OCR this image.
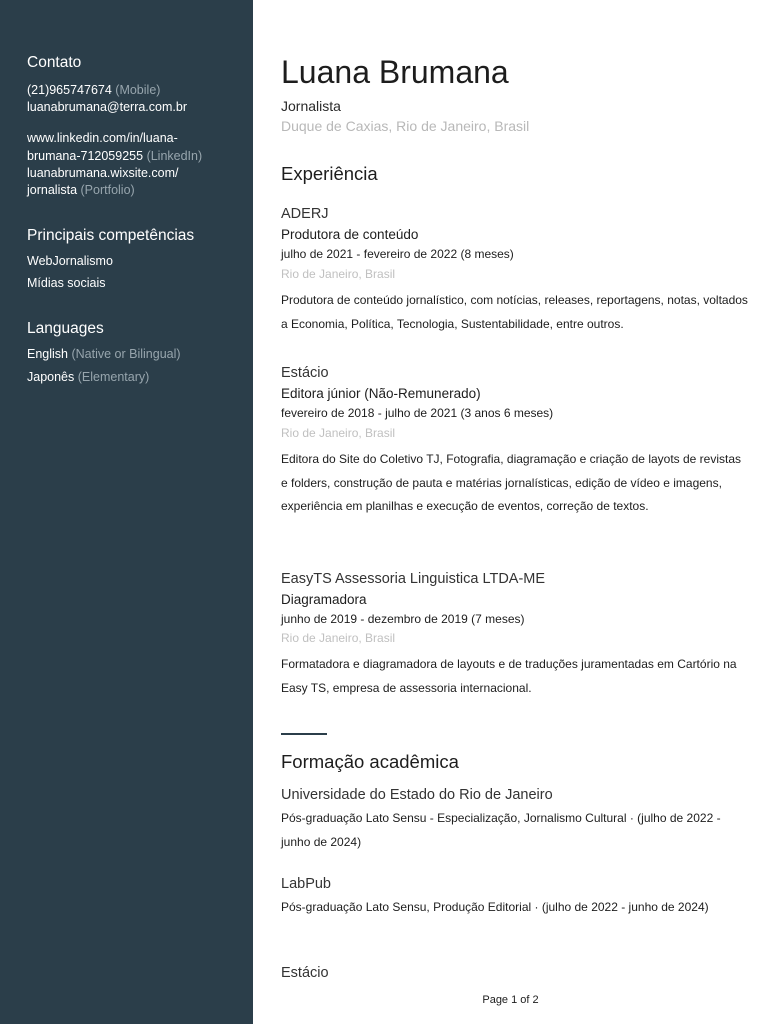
Contato
(21)965747674 (Mobile)
luanabrumana@terra.com.br
www.linkedin.com/in/luana-
brumana-712059255 (LinkedIn)
luanabrumana.wixsite.com/
jornalista (Portfolio)
Principais competências
WebJornalismo
Mídias sociais
Languages
English (Native or Bilingual)
Japonês (Elementary)
Luana Brumana
Jornalista
Duque de Caxias, Rio de Janeiro, Brasil
Experiência
ADERJ
Produtora de conteúdo
julho de 2021 - fevereiro de 2022 (8 meses)
Rio de Janeiro, Brasil
Produtora de conteúdo jornalístico, com notícias, releases, reportagens, notas, voltados a Economia, Política, Tecnologia, Sustentabilidade, entre outros.
Estácio
Editora júnior (Não-Remunerado)
fevereiro de 2018 - julho de 2021 (3 anos 6 meses)
Rio de Janeiro, Brasil
Editora do Site do Coletivo TJ, Fotografia, diagramação e criação de layots de revistas e folders, construção de pauta e matérias jornalísticas, edição de vídeo e imagens, experiência em planilhas e execução de eventos, correção de textos.
EasyTS Assessoria Linguistica LTDA-ME
Diagramadora
junho de 2019 - dezembro de 2019 (7 meses)
Rio de Janeiro, Brasil
Formatadora e diagramadora de layouts e de traduções juramentadas em Cartório na Easy TS, empresa de assessoria internacional.
Formação acadêmica
Universidade do Estado do Rio de Janeiro
Pós-graduação Lato Sensu - Especialização, Jornalismo Cultural · (julho de 2022 - junho de 2024)
LabPub
Pós-graduação Lato Sensu, Produção Editorial · (julho de 2022 - junho de 2024)
Estácio
Page 1 of 2
